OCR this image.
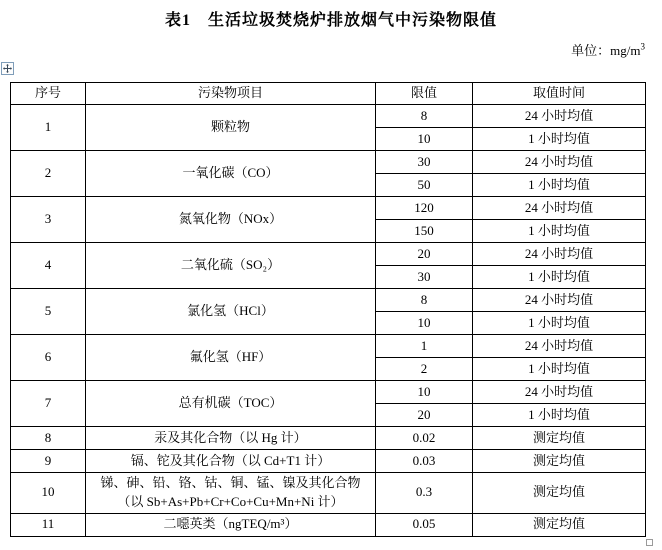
表1　生活垃圾焚烧炉排放烟气中污染物限值
单位：$mg/m^3$
序号	污染物项目	限值	取值时间
1	颗粒物	8	24 小时均值
		10	1 小时均值
2	一氧化碳（CO）	30	24 小时均值
		50	1 小时均值
3	氮氧化物（NOx）	120	24 小时均值
		150	1 小时均值
4	二氧化硫（SO₂）	20	24 小时均值
		30	1 小时均值
5	氯化氢（HCl）	8	24 小时均值
		10	1 小时均值
6	氟化氢（HF）	1	24 小时均值
		2	1 小时均值
7	总有机碳（TOC）	10	24 小时均值
		20	1 小时均值
8	汞及其化合物（以 Hg 计）	0.02	测定均值
9	镉、铊及其化合物（以 Cd+T1 计）	0.03	测定均值
10	锑、砷、铅、铬、钴、铜、锰、镍及其化合物（以 Sb+As+Pb+Cr+Co+Cu+Mn+Ni 计）	0.3	测定均值
11	二噁英类（ngTEQ/m³）	0.05	测定均值
